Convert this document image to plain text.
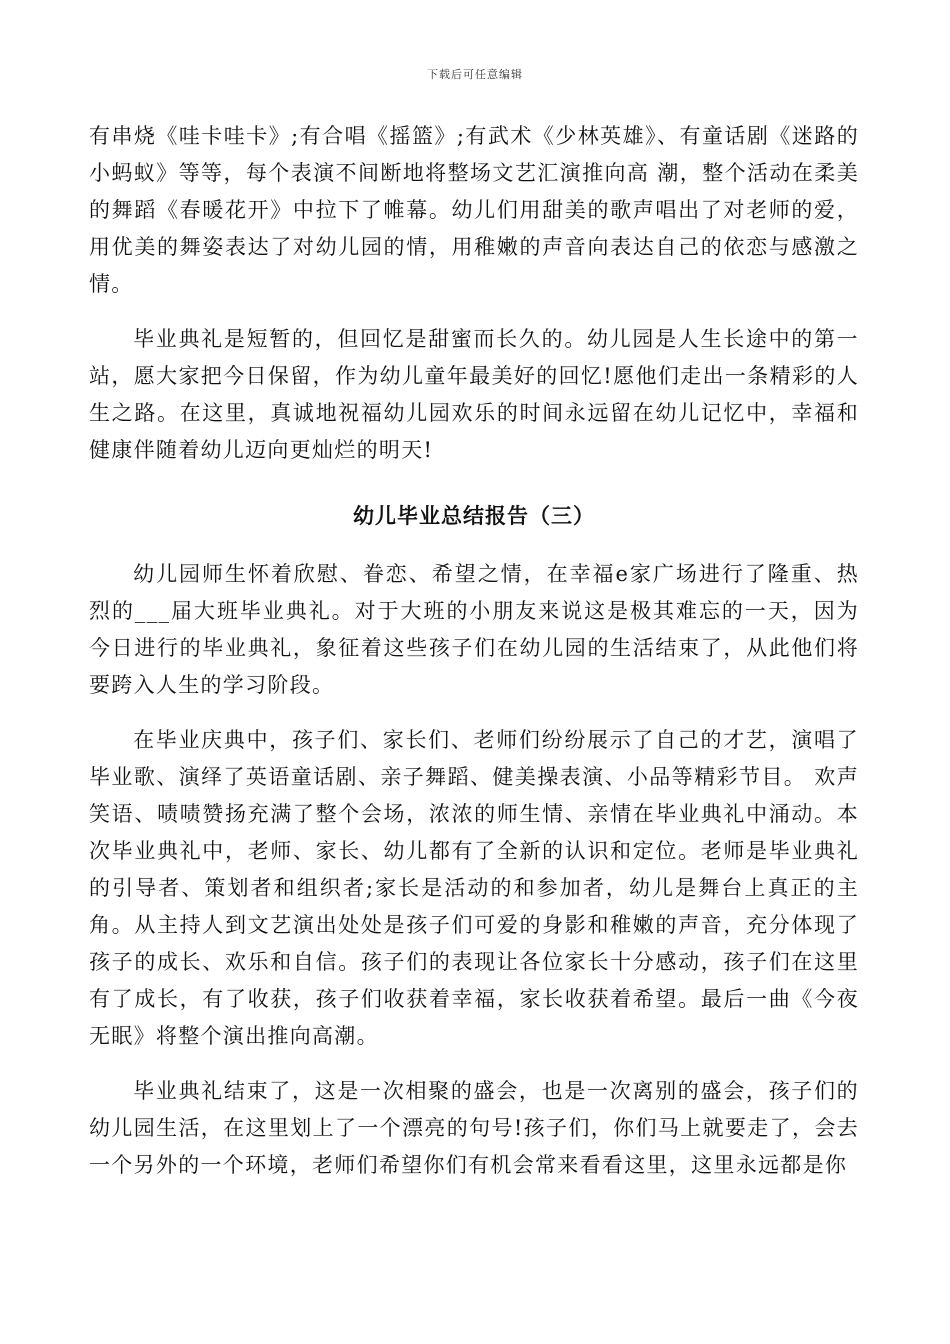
下载后可任意编辑

有串烧《哇卡哇卡》;有合唱《摇篮》;有武术《少林英雄》、有童话剧《迷路的小蚂蚁》等等，每个表演不间断地将整场文艺汇演推向高 潮，整个活动在柔美的舞蹈《春暖花开》中拉下了帷幕。幼儿们用甜美的歌声唱出了对老师的爱，用优美的舞姿表达了对幼儿园的情，用稚嫩的声音向表达自己的依恋与感激之情。

毕业典礼是短暂的，但回忆是甜蜜而长久的。幼儿园是人生长途中的第一站，愿大家把今日保留，作为幼儿童年最美好的回忆!愿他们走出一条精彩的人生之路。在这里，真诚地祝福幼儿园欢乐的时间永远留在幼儿记忆中，幸福和健康伴随着幼儿迈向更灿烂的明天!

幼儿毕业总结报告（三）

幼儿园师生怀着欣慰、眷恋、希望之情，在幸福e家广场进行了隆重、热烈的___届大班毕业典礼。对于大班的小朋友来说这是极其难忘的一天，因为今日进行的毕业典礼，象征着这些孩子们在幼儿园的生活结束了，从此他们将要跨入人生的学习阶段。

在毕业庆典中，孩子们、家长们、老师们纷纷展示了自己的才艺，演唱了毕业歌、演绎了英语童话剧、亲子舞蹈、健美操表演、小品等精彩节目。 欢声笑语、啧啧赞扬充满了整个会场，浓浓的师生情、亲情在毕业典礼中涌动。本次毕业典礼中，老师、家长、幼儿都有了全新的认识和定位。老师是毕业典礼的引导者、策划者和组织者;家长是活动的和参加者，幼儿是舞台上真正的主角。从主持人到文艺演出处处是孩子们可爱的身影和稚嫩的声音，充分体现了孩子的成长、欢乐和自信。孩子们的表现让各位家长十分感动，孩子们在这里有了成长，有了收获，孩子们收获着幸福，家长收获着希望。最后一曲《今夜无眠》将整个演出推向高潮。

毕业典礼结束了，这是一次相聚的盛会，也是一次离别的盛会，孩子们的幼儿园生活，在这里划上了一个漂亮的句号!孩子们，你们马上就要走了，会去一个另外的一个环境，老师们希望你们有机会常来看看这里，这里永远都是你
